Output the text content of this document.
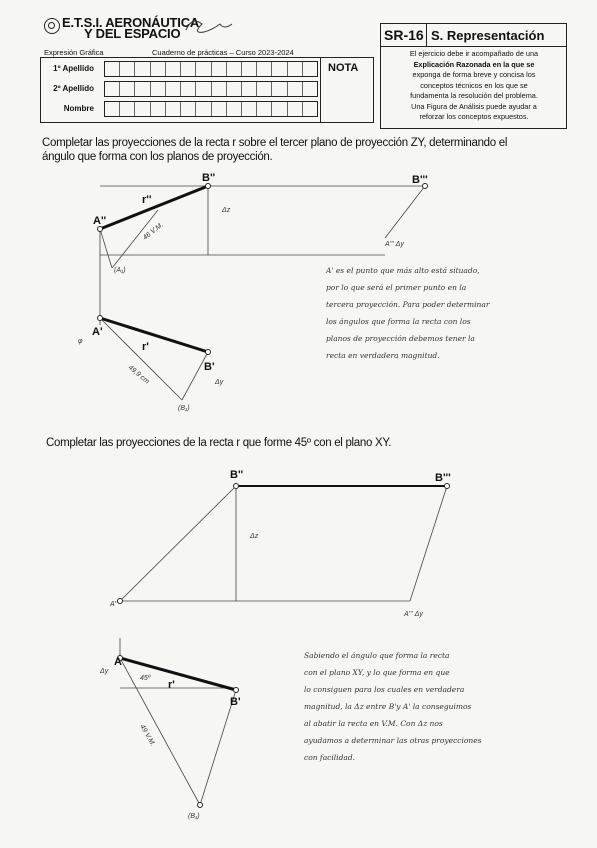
E.T.S.I. AERONÁUTICA
Y DEL ESPACIO
Expresión Gráfica	Cuaderno de prácticas – Curso 2023-2024
1º Apellido
2º Apellido
Nombre
NOTA
SR-16 S. Representación
El ejercicio debe ir acompañado de una
Explicación Razonada en la que se
exponga de forma breve y concisa los
conceptos técnicos en los que se
fundamenta la resolución del problema.
Una Figura de Análisis puede ayudar a
reforzar los conceptos expuestos.
Completar las proyecciones de la recta r sobre el tercer plano de proyección ZY, determinando el
ángulo que forma con los planos de proyección.
A''
B''	B'''
r''
A'
B'
r'
Δz
Δy
(A₁)
(B₁)
φ
46 V.M.
49,9 cm
A''' Δy
A' es el punto que más alto está situado,
por lo que será el primer punto en la
tercera proyección. Para poder determinar
los ángulos que forma la recta con los
planos de proyección debemos tener la
recta en verdadera magnitud.
Completar las proyecciones de la recta r que forme 45º con el plano XY.
B''	B'''
A''
A'
B'
r'
Δz
Δy
A''' Δy
(B₁)
49 V.M.
45º
Sabiendo el ángulo que forma la recta
con el plano XY, y lo que forma en que
lo consiguen para los cuales en verdadera
magnitud, la Δz entre B'y A' la conseguimos
al abatir la recta en V.M. Con Δz nos
ayudamos a determinar las otras proyecciones
con facilidad.
